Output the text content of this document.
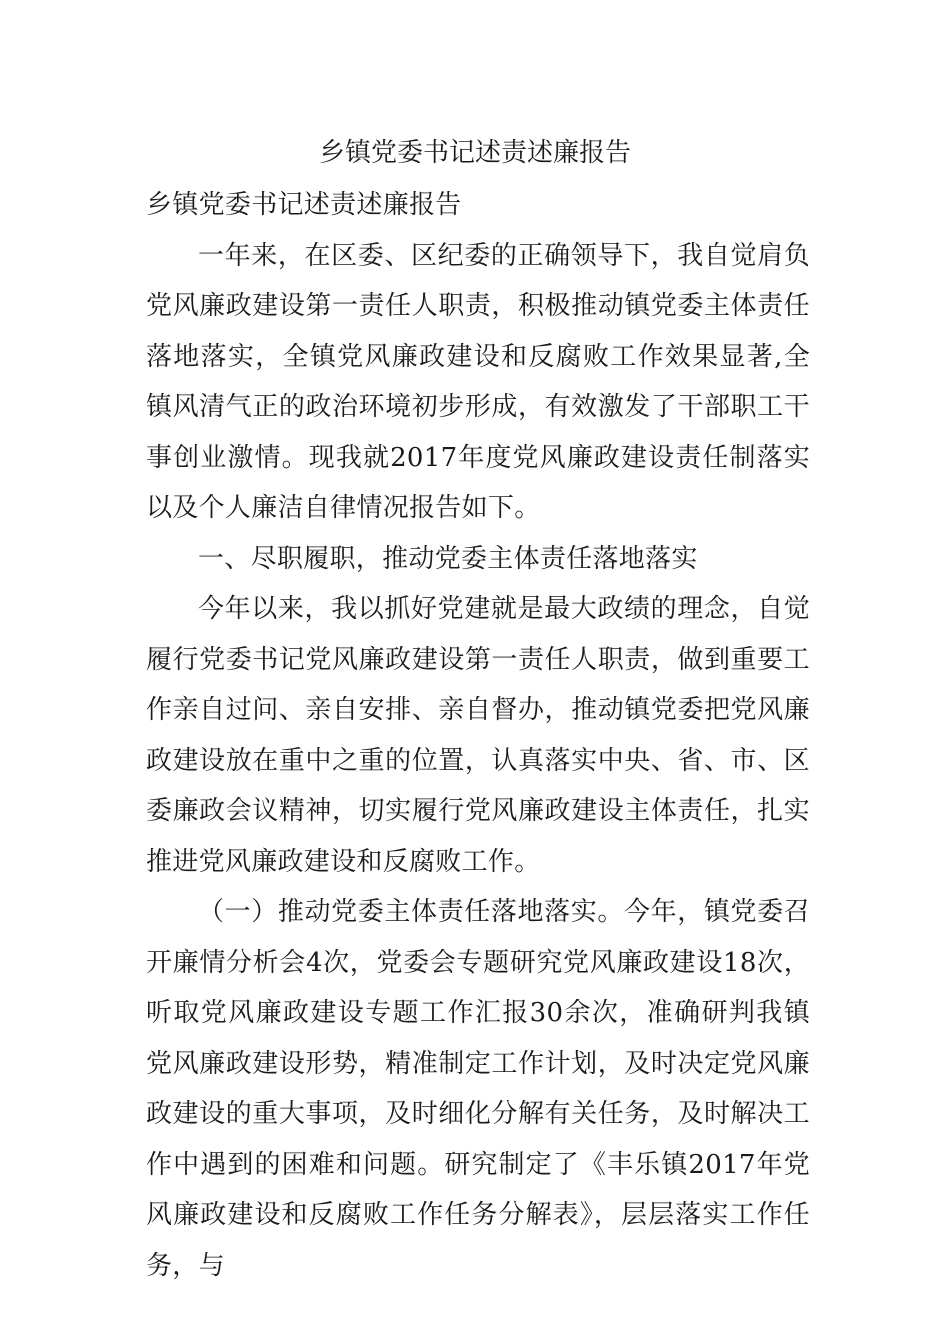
乡镇党委书记述责述廉报告

乡镇党委书记述责述廉报告

一年来，在区委、区纪委的正确领导下，我自觉肩负党风廉政建设第一责任人职责，积极推动镇党委主体责任落地落实，全镇党风廉政建设和反腐败工作效果显著,全镇风清气正的政治环境初步形成，有效激发了干部职工干事创业激情。现我就2017年度党风廉政建设责任制落实以及个人廉洁自律情况报告如下。

一、尽职履职，推动党委主体责任落地落实

今年以来，我以抓好党建就是最大政绩的理念，自觉履行党委书记党风廉政建设第一责任人职责，做到重要工作亲自过问、亲自安排、亲自督办，推动镇党委把党风廉政建设放在重中之重的位置，认真落实中央、省、市、区委廉政会议精神，切实履行党风廉政建设主体责任，扎实推进党风廉政建设和反腐败工作。

（一）推动党委主体责任落地落实。今年，镇党委召开廉情分析会4次，党委会专题研究党风廉政建设18次，听取党风廉政建设专题工作汇报30余次，准确研判我镇党风廉政建设形势，精准制定工作计划，及时决定党风廉政建设的重大事项，及时细化分解有关任务，及时解决工作中遇到的困难和问题。研究制定了《丰乐镇2017年党风廉政建设和反腐败工作任务分解表》，层层落实工作任务，与
